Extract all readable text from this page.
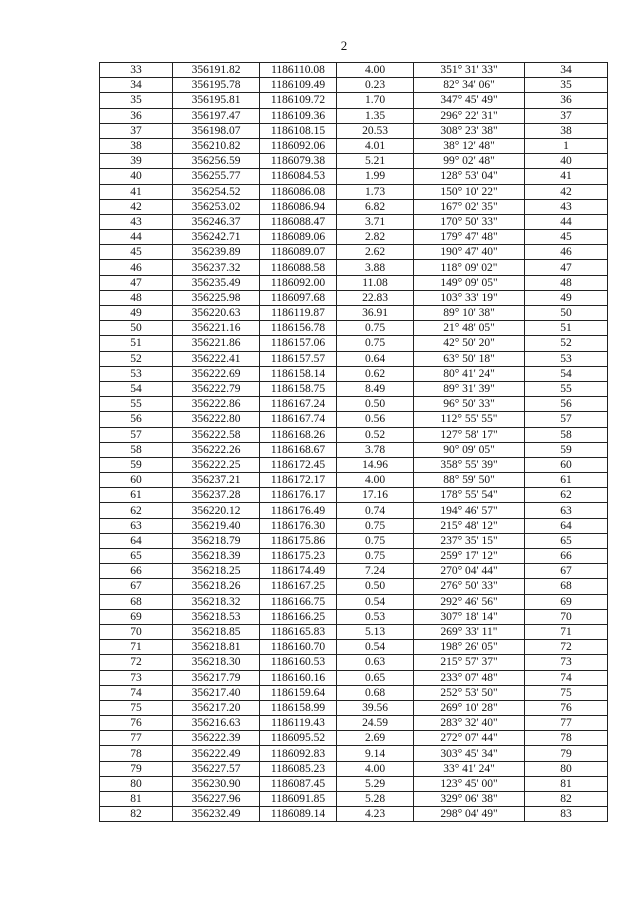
2
33	356191.82	1186110.08	4.00	351° 31' 33"	34
34	356195.78	1186109.49	0.23	82° 34' 06"	35
35	356195.81	1186109.72	1.70	347° 45' 49"	36
36	356197.47	1186109.36	1.35	296° 22' 31"	37
37	356198.07	1186108.15	20.53	308° 23' 38"	38
38	356210.82	1186092.06	4.01	38° 12' 48"	1
39	356256.59	1186079.38	5.21	99° 02' 48"	40
40	356255.77	1186084.53	1.99	128° 53' 04"	41
41	356254.52	1186086.08	1.73	150° 10' 22"	42
42	356253.02	1186086.94	6.82	167° 02' 35"	43
43	356246.37	1186088.47	3.71	170° 50' 33"	44
44	356242.71	1186089.06	2.82	179° 47' 48"	45
45	356239.89	1186089.07	2.62	190° 47' 40"	46
46	356237.32	1186088.58	3.88	118° 09' 02"	47
47	356235.49	1186092.00	11.08	149° 09' 05"	48
48	356225.98	1186097.68	22.83	103° 33' 19"	49
49	356220.63	1186119.87	36.91	89° 10' 38"	50
50	356221.16	1186156.78	0.75	21° 48' 05"	51
51	356221.86	1186157.06	0.75	42° 50' 20"	52
52	356222.41	1186157.57	0.64	63° 50' 18"	53
53	356222.69	1186158.14	0.62	80° 41' 24"	54
54	356222.79	1186158.75	8.49	89° 31' 39"	55
55	356222.86	1186167.24	0.50	96° 50' 33"	56
56	356222.80	1186167.74	0.56	112° 55' 55"	57
57	356222.58	1186168.26	0.52	127° 58' 17"	58
58	356222.26	1186168.67	3.78	90° 09' 05"	59
59	356222.25	1186172.45	14.96	358° 55' 39"	60
60	356237.21	1186172.17	4.00	88° 59' 50"	61
61	356237.28	1186176.17	17.16	178° 55' 54"	62
62	356220.12	1186176.49	0.74	194° 46' 57"	63
63	356219.40	1186176.30	0.75	215° 48' 12"	64
64	356218.79	1186175.86	0.75	237° 35' 15"	65
65	356218.39	1186175.23	0.75	259° 17' 12"	66
66	356218.25	1186174.49	7.24	270° 04' 44"	67
67	356218.26	1186167.25	0.50	276° 50' 33"	68
68	356218.32	1186166.75	0.54	292° 46' 56"	69
69	356218.53	1186166.25	0.53	307° 18' 14"	70
70	356218.85	1186165.83	5.13	269° 33' 11"	71
71	356218.81	1186160.70	0.54	198° 26' 05"	72
72	356218.30	1186160.53	0.63	215° 57' 37"	73
73	356217.79	1186160.16	0.65	233° 07' 48"	74
74	356217.40	1186159.64	0.68	252° 53' 50"	75
75	356217.20	1186158.99	39.56	269° 10' 28"	76
76	356216.63	1186119.43	24.59	283° 32' 40"	77
77	356222.39	1186095.52	2.69	272° 07' 44"	78
78	356222.49	1186092.83	9.14	303° 45' 34"	79
79	356227.57	1186085.23	4.00	33° 41' 24"	80
80	356230.90	1186087.45	5.29	123° 45' 00"	81
81	356227.96	1186091.85	5.28	329° 06' 38"	82
82	356232.49	1186089.14	4.23	298° 04' 49"	83
